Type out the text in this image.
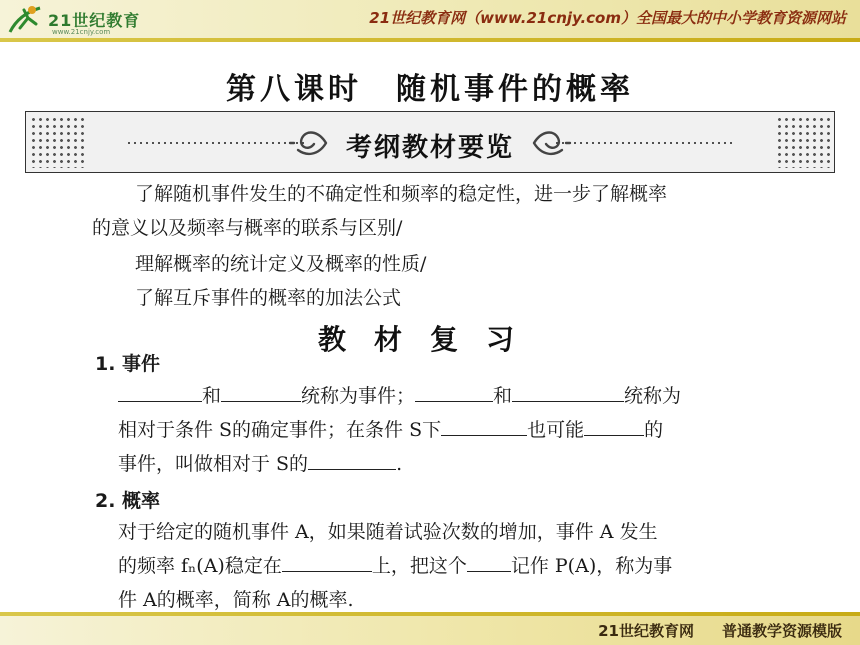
21世纪教育
www.21cnjy.com
21世纪教育网（www.21cnjy.com）全国最大的中小学教育资源网站
第八课时 随机事件的概率
考纲教材要览
了解随机事件发生的不确定性和频率的稳定性，进一步了解概率
的意义以及频率与概率的联系与区别/
理解概率的统计定义及概率的性质/
了解互斥事件的概率的加法公式
教材复习
1. 事件
和	统称为事件；	和	统称为
相对于条件 S的确定事件；在条件 S下	也可能	的
事件，叫做相对于 S的	.
2. 概率
对于给定的随机事件 A，如果随着试验次数的增加，事件 A 发生
的频率 fₙ(A)稳定在	上，把这个 记作 P(A)，称为事
件 A的概率，简称 A的概率.
21世纪教育网 普通教学资源模版
